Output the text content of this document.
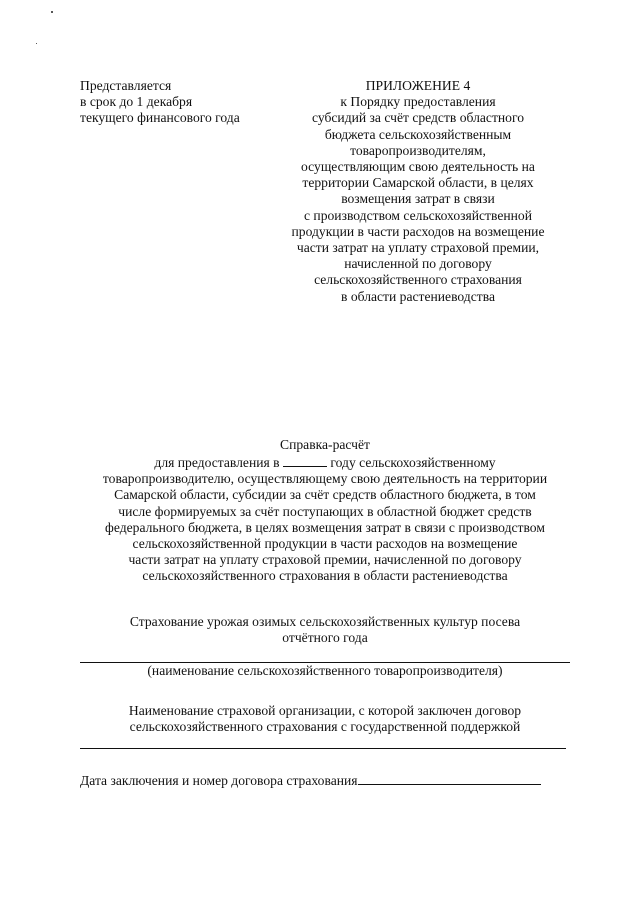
Представляется
в срок до 1 декабря
текущего финансового года
ПРИЛОЖЕНИЕ 4
к Порядку предоставления
субсидий за счёт средств областного
бюджета сельскохозяйственным
товаропроизводителям,
осуществляющим свою деятельность на
территории Самарской области, в целях
возмещения затрат в связи
с производством сельскохозяйственной
продукции в части расходов на возмещение
части затрат на уплату страховой премии,
начисленной по договору
сельскохозяйственного страхования
в области растениеводства
Справка-расчёт
для предоставления в	году сельскохозяйственному
товаропроизводителю, осуществляющему свою деятельность на территории
Самарской области, субсидии за счёт средств областного бюджета, в том
числе формируемых за счёт поступающих в областной бюджет средств
федерального бюджета, в целях возмещения затрат в связи с производством
сельскохозяйственной продукции в части расходов на возмещение
части затрат на уплату страховой премии, начисленной по договору
сельскохозяйственного страхования в области растениеводства
Страхование урожая озимых сельскохозяйственных культур посева
отчётного года
(наименование сельскохозяйственного товаропроизводителя)
Наименование страховой организации, с которой заключен договор
сельскохозяйственного страхования с государственной поддержкой
Дата заключения и номер договора страхования
